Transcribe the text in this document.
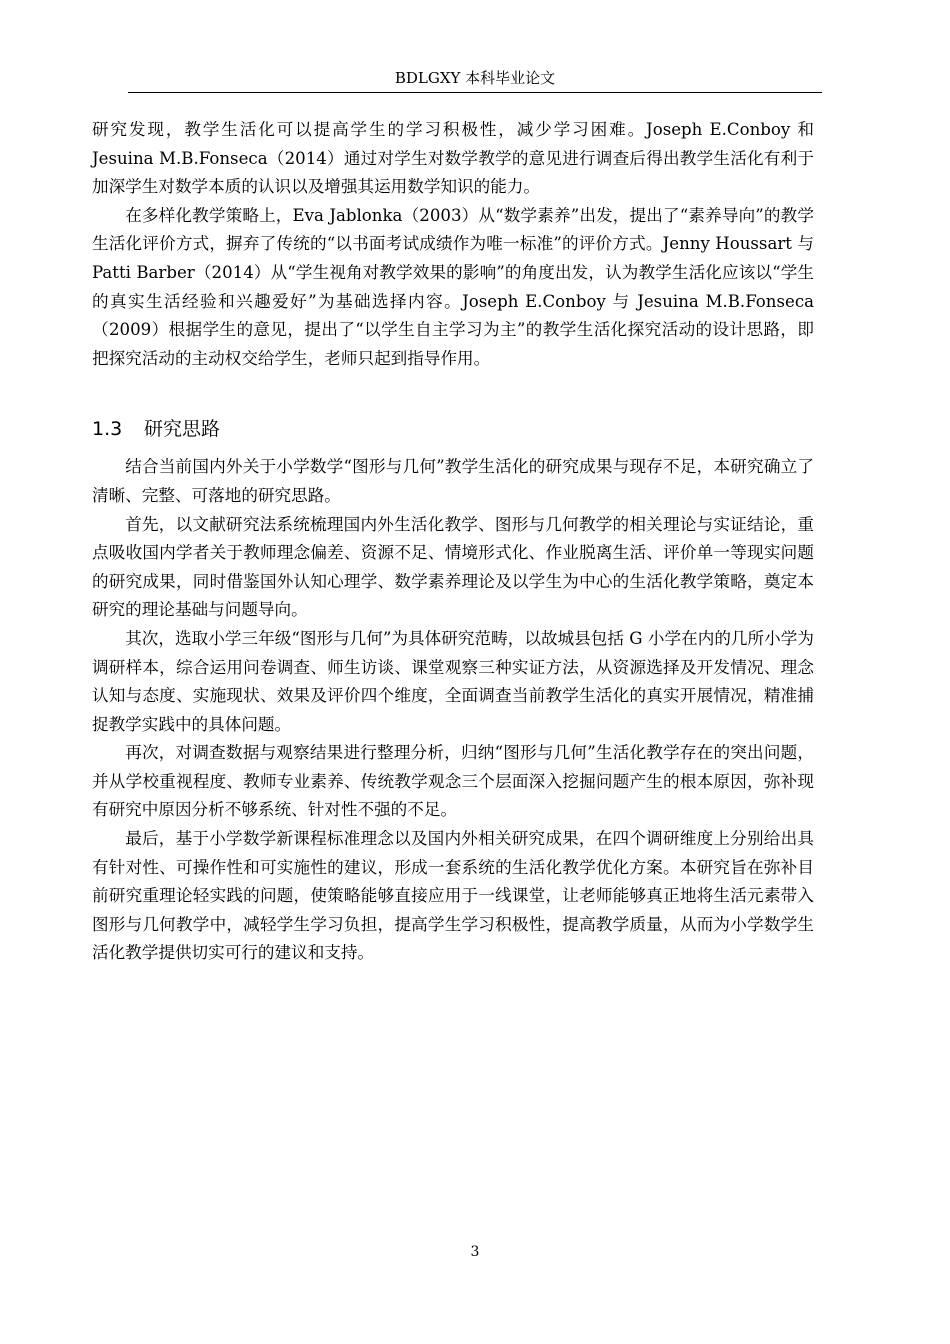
BDLGXY 本科毕业论文

研究发现，教学生活化可以提高学生的学习积极性，减少学习困难。Joseph E.Conboy 和 Jesuina M.B.Fonseca（2014）通过对学生对数学教学的意见进行调查后得出教学生活化有利于加深学生对数学本质的认识以及增强其运用数学知识的能力。

在多样化教学策略上，Eva Jablonka（2003）从“数学素养”出发，提出了“素养导向”的教学生活化评价方式，摒弃了传统的“以书面考试成绩作为唯一标准”的评价方式。Jenny Houssart 与 Patti Barber（2014）从“学生视角对教学效果的影响”的角度出发，认为教学生活化应该以“学生的真实生活经验和兴趣爱好”为基础选择内容。Joseph E.Conboy 与 Jesuina M.B.Fonseca（2009）根据学生的意见，提出了“以学生自主学习为主”的教学生活化探究活动的设计思路，即把探究活动的主动权交给学生，老师只起到指导作用。

1.3 研究思路

结合当前国内外关于小学数学“图形与几何”教学生活化的研究成果与现存不足，本研究确立了清晰、完整、可落地的研究思路。

首先，以文献研究法系统梳理国内外生活化教学、图形与几何教学的相关理论与实证结论，重点吸收国内学者关于教师理念偏差、资源不足、情境形式化、作业脱离生活、评价单一等现实问题的研究成果，同时借鉴国外认知心理学、数学素养理论及以学生为中心的生活化教学策略，奠定本研究的理论基础与问题导向。

其次，选取小学三年级“图形与几何”为具体研究范畴，以故城县包括 G 小学在内的几所小学为调研样本，综合运用问卷调查、师生访谈、课堂观察三种实证方法，从资源选择及开发情况、理念认知与态度、实施现状、效果及评价四个维度，全面调查当前教学生活化的真实开展情况，精准捕捉教学实践中的具体问题。

再次，对调查数据与观察结果进行整理分析，归纳“图形与几何”生活化教学存在的突出问题，并从学校重视程度、教师专业素养、传统教学观念三个层面深入挖掘问题产生的根本原因，弥补现有研究中原因分析不够系统、针对性不强的不足。

最后，基于小学数学新课程标准理念以及国内外相关研究成果，在四个调研维度上分别给出具有针对性、可操作性和可实施性的建议，形成一套系统的生活化教学优化方案。本研究旨在弥补目前研究重理论轻实践的问题，使策略能够直接应用于一线课堂，让老师能够真正地将生活元素带入图形与几何教学中，减轻学生学习负担，提高学生学习积极性，提高教学质量，从而为小学数学生活化教学提供切实可行的建议和支持。

3
